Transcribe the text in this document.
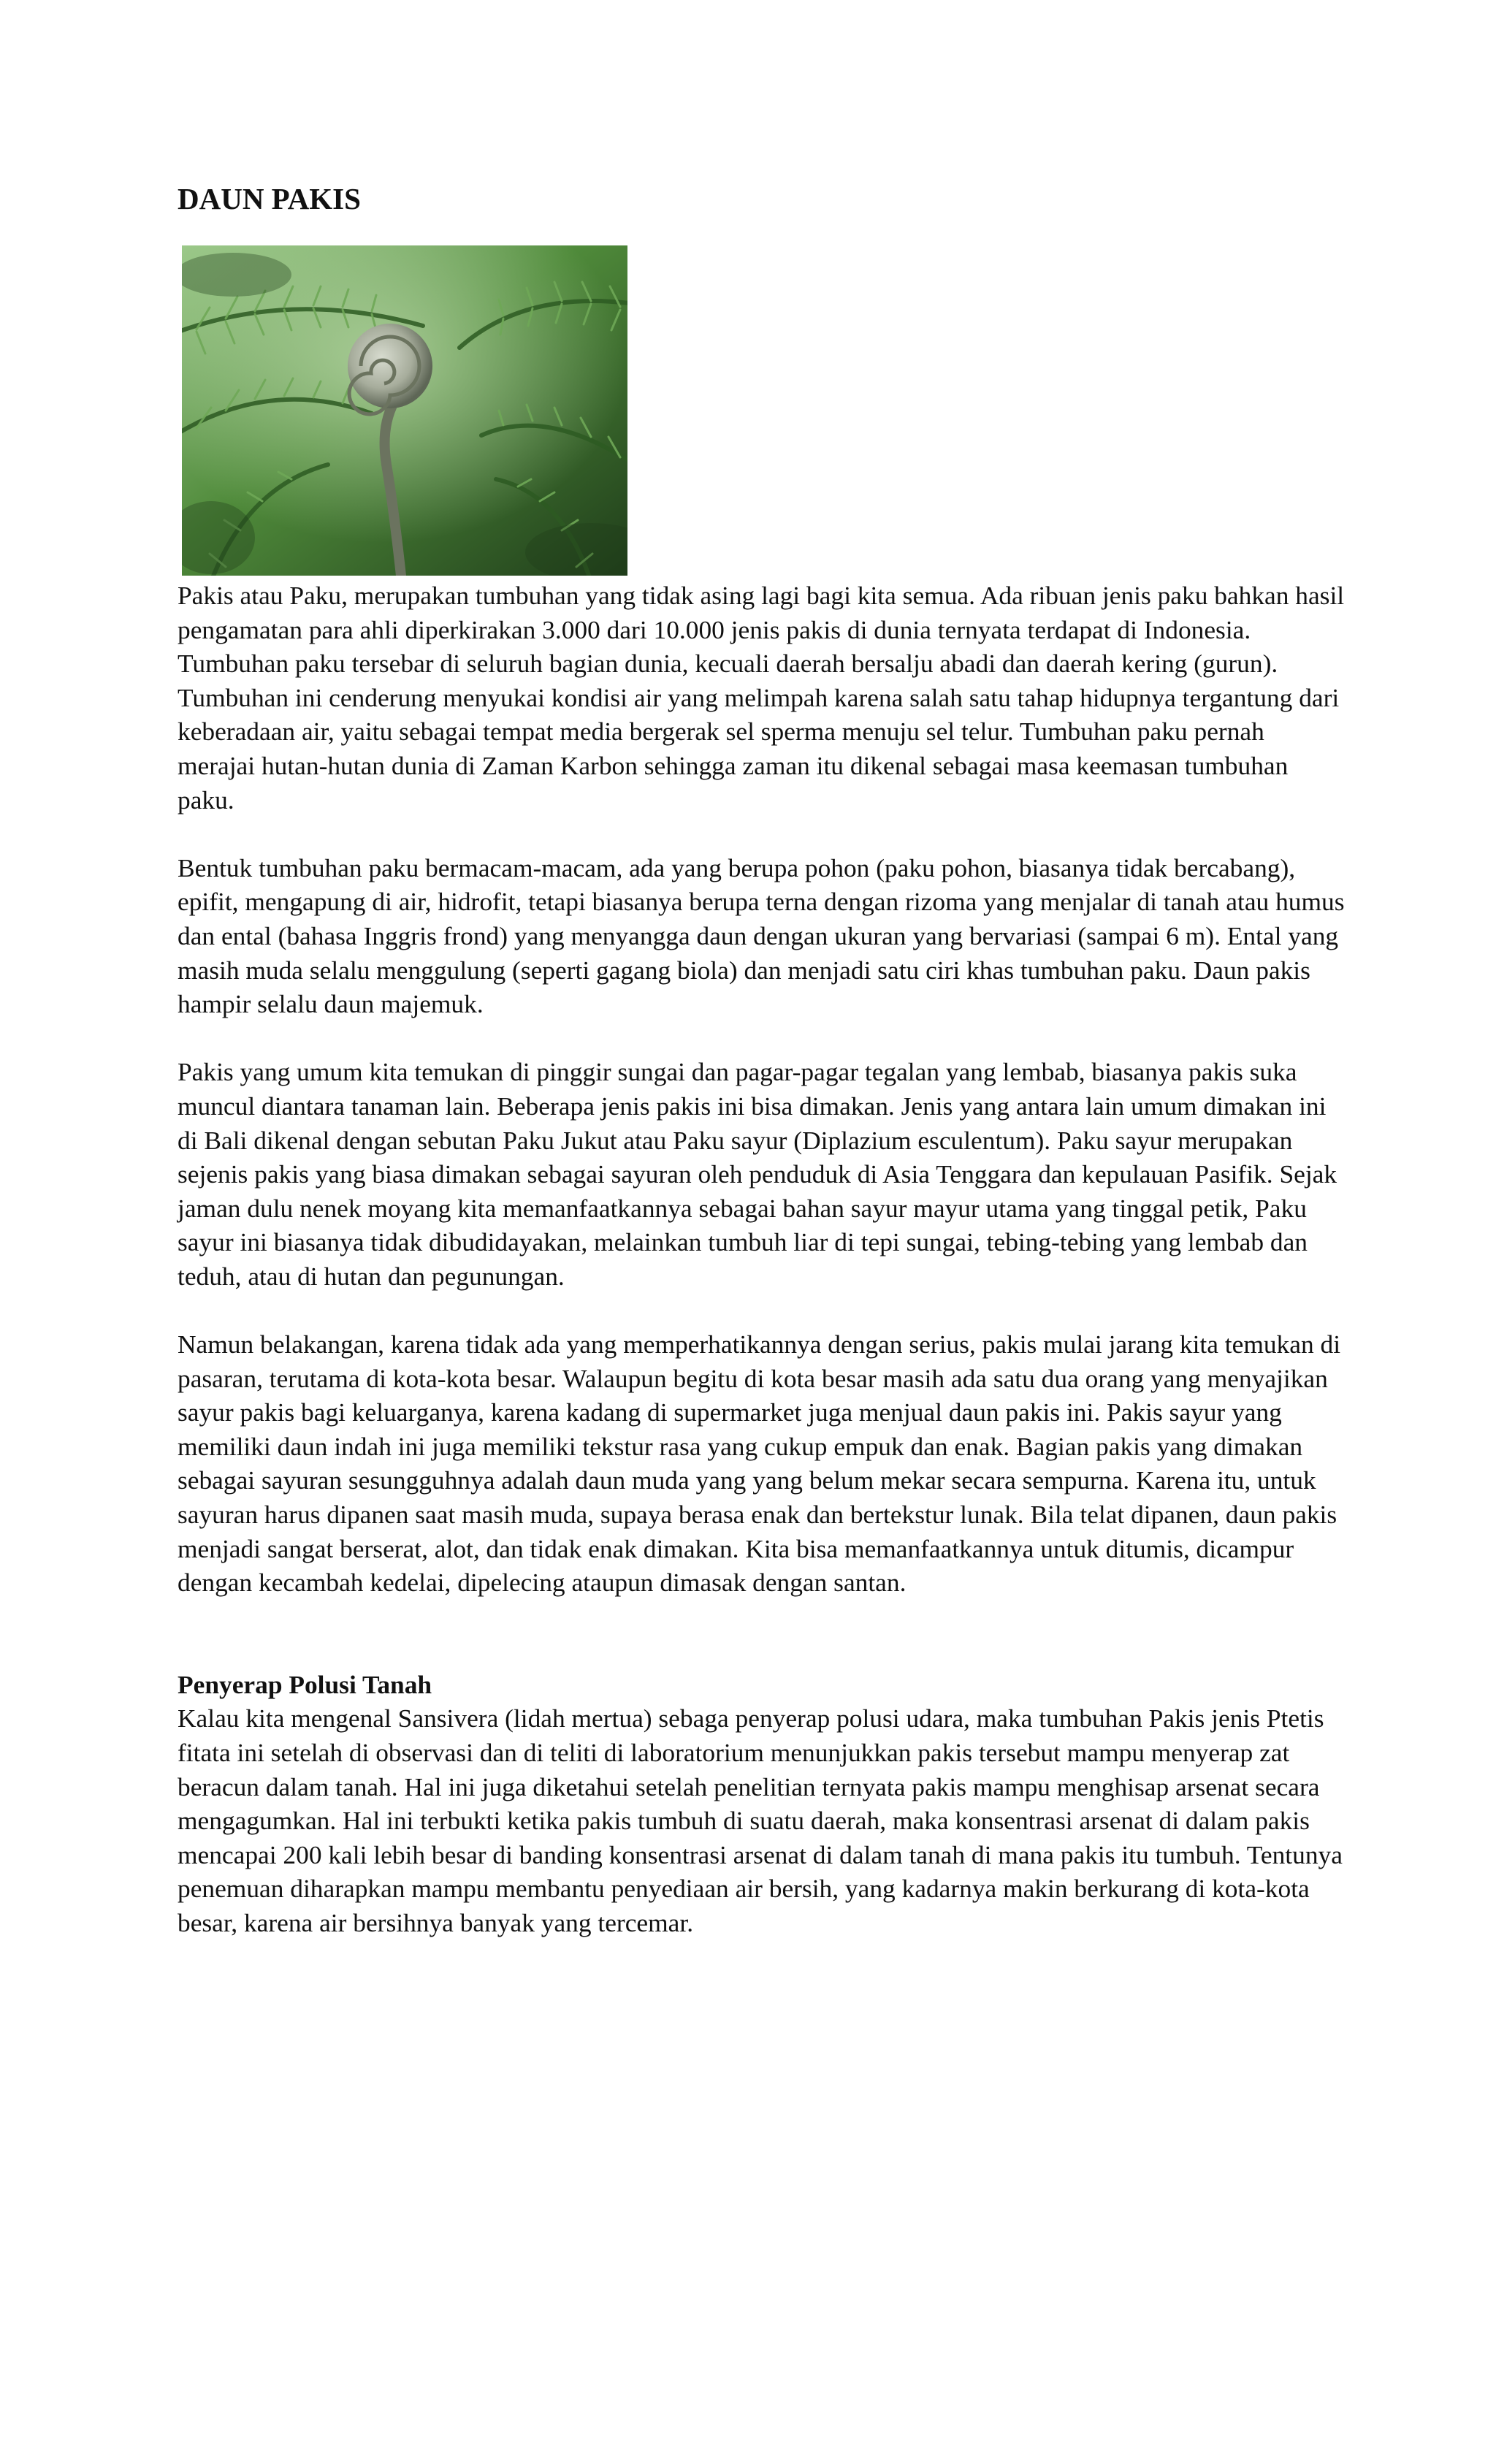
DAUN PAKIS

Pakis atau Paku, merupakan tumbuhan yang tidak asing lagi bagi kita semua. Ada ribuan jenis paku bahkan hasil pengamatan para ahli diperkirakan 3.000 dari 10.000 jenis pakis di dunia ternyata terdapat di Indonesia. Tumbuhan paku tersebar di seluruh bagian dunia, kecuali daerah bersalju abadi dan daerah kering (gurun). Tumbuhan ini cenderung menyukai kondisi air yang melimpah karena salah satu tahap hidupnya tergantung dari keberadaan air, yaitu sebagai tempat media bergerak sel sperma menuju sel telur. Tumbuhan paku pernah merajai hutan-hutan dunia di Zaman Karbon sehingga zaman itu dikenal sebagai masa keemasan tumbuhan paku.

Bentuk tumbuhan paku bermacam-macam, ada yang berupa pohon (paku pohon, biasanya tidak bercabang), epifit, mengapung di air, hidrofit, tetapi biasanya berupa terna dengan rizoma yang menjalar di tanah atau humus dan ental (bahasa Inggris frond) yang menyangga daun dengan ukuran yang bervariasi (sampai 6 m). Ental yang masih muda selalu menggulung (seperti gagang biola) dan menjadi satu ciri khas tumbuhan paku. Daun pakis hampir selalu daun majemuk.

Pakis yang umum kita temukan di pinggir sungai dan pagar-pagar tegalan yang lembab, biasanya pakis suka muncul diantara tanaman lain. Beberapa jenis pakis ini bisa dimakan. Jenis yang antara lain umum dimakan ini di Bali dikenal dengan sebutan Paku Jukut atau Paku sayur (Diplazium esculentum). Paku sayur merupakan sejenis pakis yang biasa dimakan sebagai sayuran oleh penduduk di Asia Tenggara dan kepulauan Pasifik. Sejak jaman dulu nenek moyang kita memanfaatkannya sebagai bahan sayur mayur utama yang tinggal petik, Paku sayur ini biasanya tidak dibudidayakan, melainkan tumbuh liar di tepi sungai, tebing-tebing yang lembab dan teduh, atau di hutan dan pegunungan.

Namun belakangan, karena tidak ada yang memperhatikannya dengan serius, pakis mulai jarang kita temukan di pasaran, terutama di kota-kota besar. Walaupun begitu di kota besar masih ada satu dua orang yang menyajikan sayur pakis bagi keluarganya, karena kadang di supermarket juga menjual daun pakis ini. Pakis sayur yang memiliki daun indah ini juga memiliki tekstur rasa yang cukup empuk dan enak. Bagian pakis yang dimakan sebagai sayuran sesungguhnya adalah daun muda yang yang belum mekar secara sempurna. Karena itu, untuk sayuran harus dipanen saat masih muda, supaya berasa enak dan bertekstur lunak. Bila telat dipanen, daun pakis menjadi sangat berserat, alot, dan tidak enak dimakan. Kita bisa memanfaatkannya untuk ditumis, dicampur dengan kecambah kedelai, dipelecing ataupun dimasak dengan santan.

Penyerap Polusi Tanah

Kalau kita mengenal Sansivera (lidah mertua) sebaga penyerap polusi udara, maka tumbuhan Pakis jenis Ptetis fitata ini setelah di observasi dan di teliti di laboratorium menunjukkan pakis tersebut mampu menyerap zat beracun dalam tanah. Hal ini juga diketahui setelah penelitian ternyata pakis mampu menghisap arsenat secara mengagumkan. Hal ini terbukti ketika pakis tumbuh di suatu daerah, maka konsentrasi arsenat di dalam pakis mencapai 200 kali lebih besar di banding konsentrasi arsenat di dalam tanah di mana pakis itu tumbuh. Tentunya penemuan diharapkan mampu membantu penyediaan air bersih, yang kadarnya makin berkurang di kota-kota besar, karena air bersihnya banyak yang tercemar.
